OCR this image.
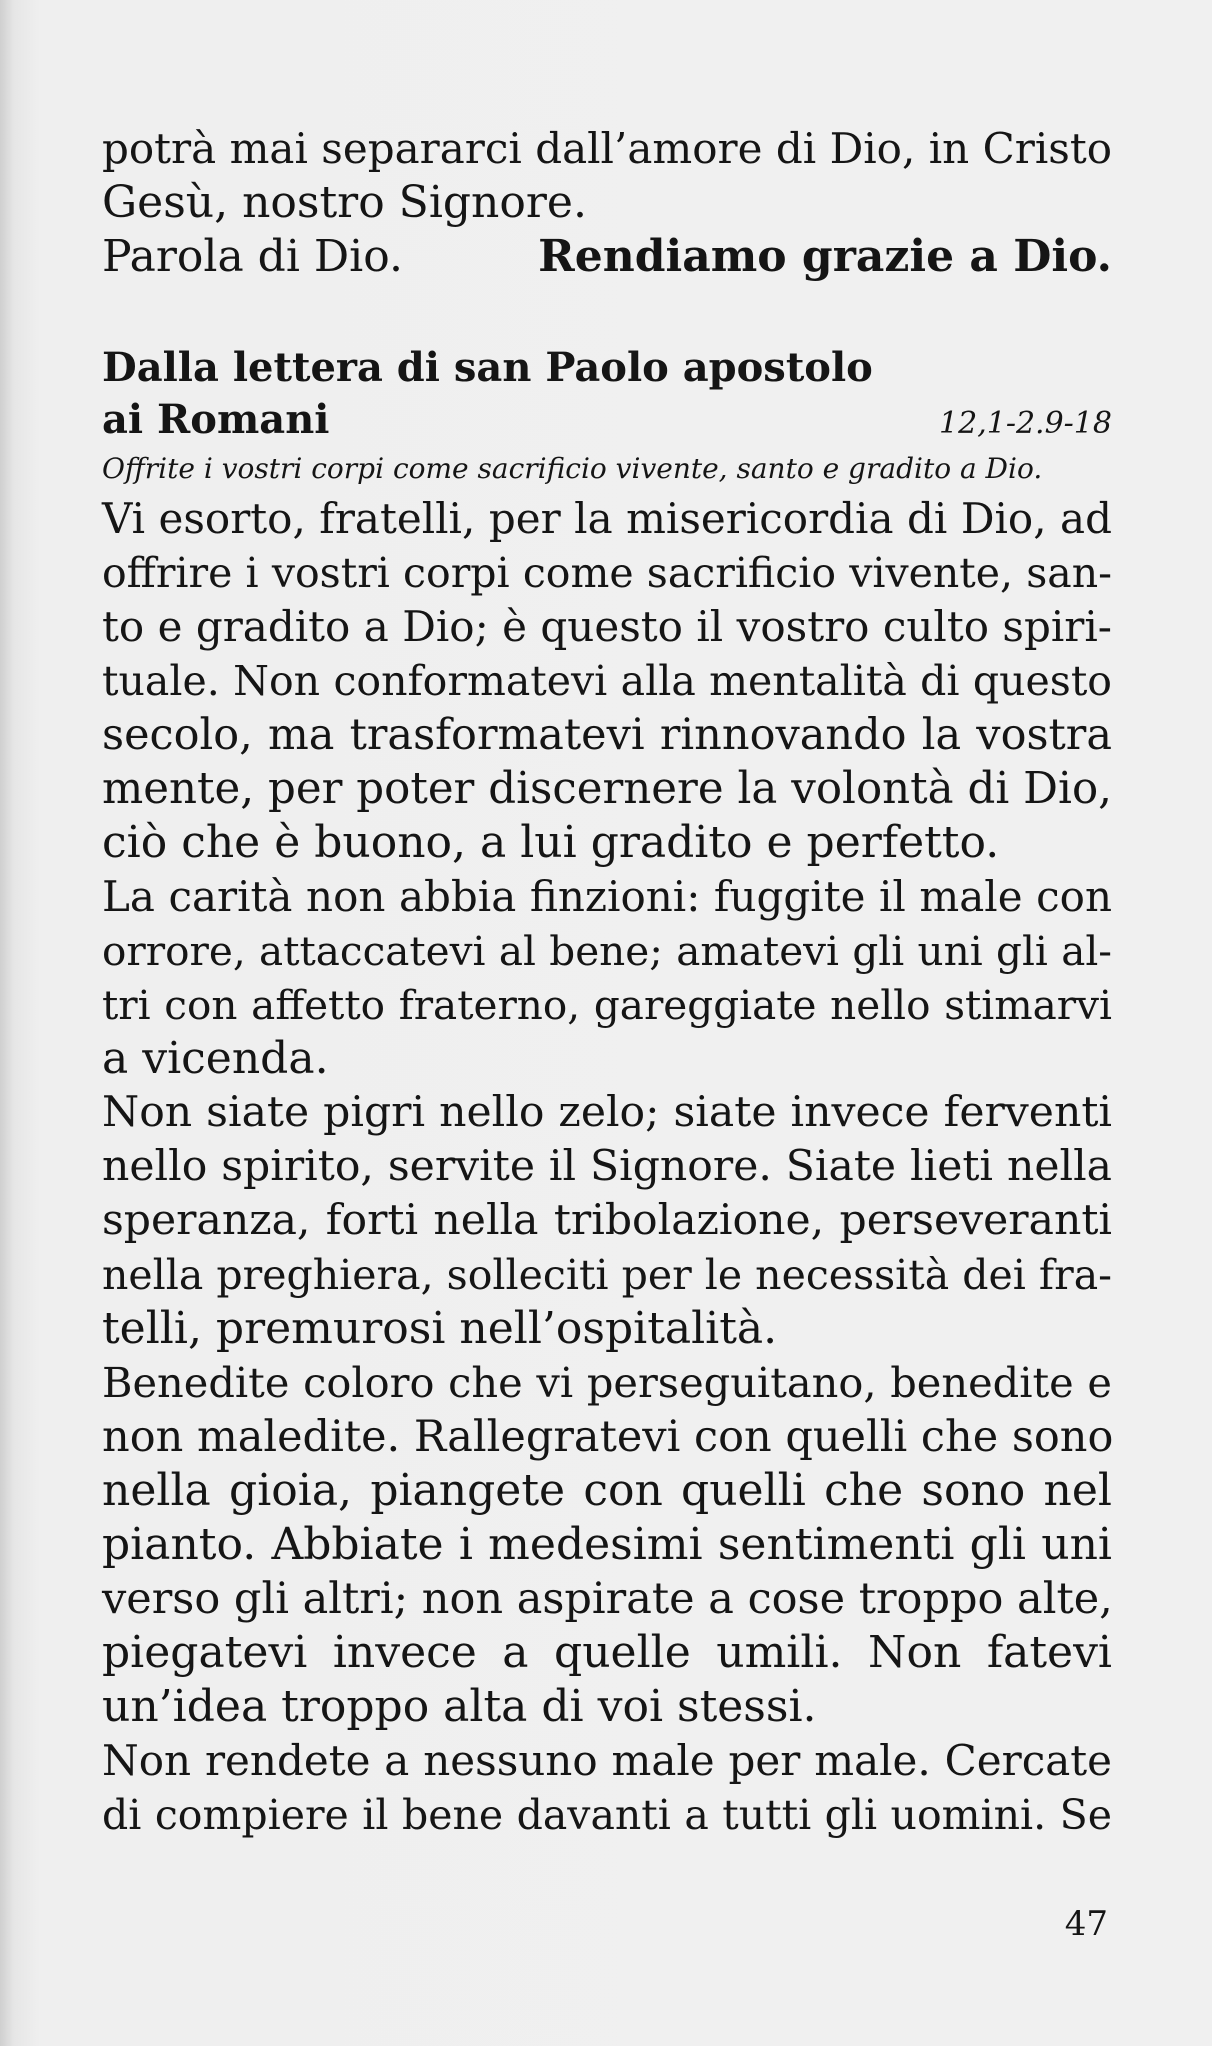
potrà mai separarci dall’amore di Dio, in Cristo
Gesù, nostro Signore.
Parola di Dio.	Rendiamo grazie a Dio.
Dalla lettera di san Paolo apostolo
ai Romani	12,1-2.9-18
Offrite i vostri corpi come sacrificio vivente, santo e gradito a Dio.
Vi esorto, fratelli, per la misericordia di Dio, ad
offrire i vostri corpi come sacrificio vivente, san-
to e gradito a Dio; è questo il vostro culto spiri-
tuale. Non conformatevi alla mentalità di questo
secolo, ma trasformatevi rinnovando la vostra
mente, per poter discernere la volontà di Dio,
ciò che è buono, a lui gradito e perfetto.
La carità non abbia finzioni: fuggite il male con
orrore, attaccatevi al bene; amatevi gli uni gli al-
tri con affetto fraterno, gareggiate nello stimarvi
a vicenda.
Non siate pigri nello zelo; siate invece ferventi
nello spirito, servite il Signore. Siate lieti nella
speranza, forti nella tribolazione, perseveranti
nella preghiera, solleciti per le necessità dei fra-
telli, premurosi nell’ospitalità.
Benedite coloro che vi perseguitano, benedite e
non maledite. Rallegratevi con quelli che sono
nella gioia, piangete con quelli che sono nel
pianto. Abbiate i medesimi sentimenti gli uni
verso gli altri; non aspirate a cose troppo alte,
piegatevi invece a quelle umili. Non fatevi
un’idea troppo alta di voi stessi.
Non rendete a nessuno male per male. Cercate
di compiere il bene davanti a tutti gli uomini. Se
47
